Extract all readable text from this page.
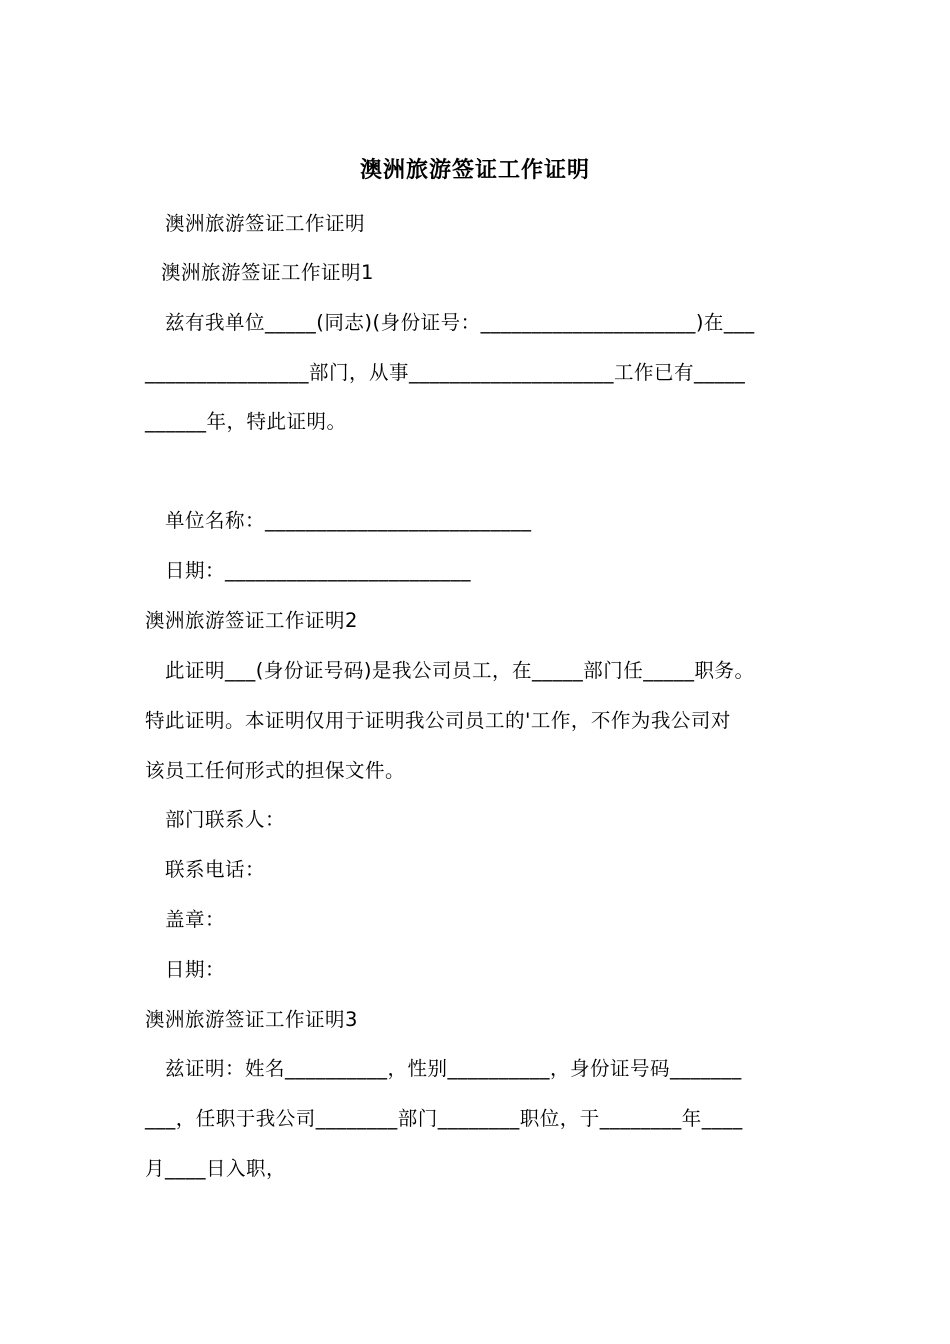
澳洲旅游签证工作证明
澳洲旅游签证工作证明
澳洲旅游签证工作证明1
兹有我单位_____(同志)(身份证号：_____________________)在___
________________部门，从事____________________工作已有_____
______年，特此证明。
单位名称：__________________________
日期：________________________
澳洲旅游签证工作证明2
此证明___(身份证号码)是我公司员工，在_____部门任_____职务。
特此证明。本证明仅用于证明我公司员工的'工作，不作为我公司对
该员工任何形式的担保文件。
部门联系人：
联系电话：
盖章：
日期：
澳洲旅游签证工作证明3
兹证明：姓名__________，性别__________，身份证号码_______
___，任职于我公司________部门________职位，于________年____
月____日入职，
